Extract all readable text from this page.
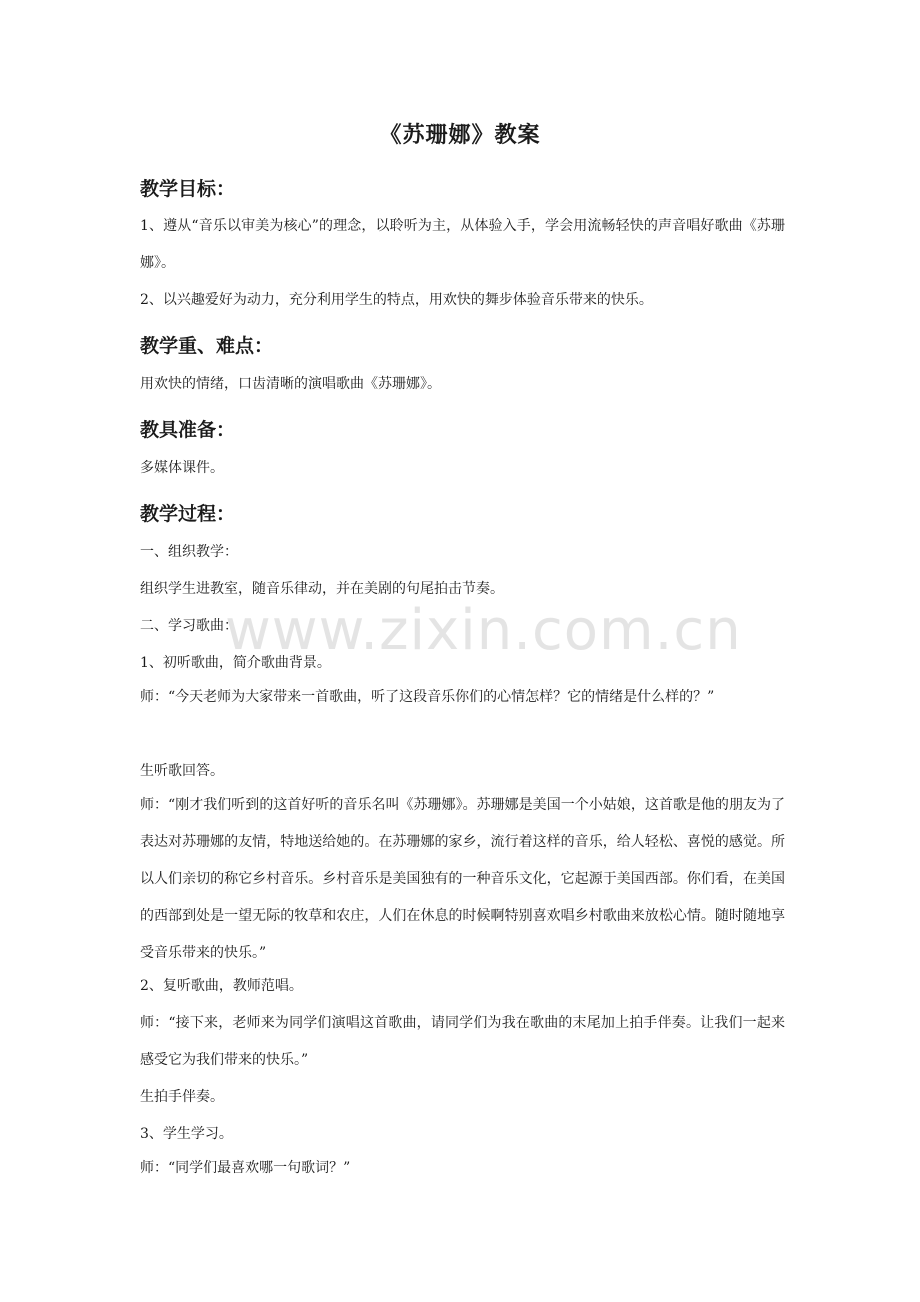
《苏珊娜》教案
教学目标：
1、遵从“音乐以审美为核心”的理念，以聆听为主，从体验入手，学会用流畅轻快的声音唱好歌曲《苏珊娜》。
2、以兴趣爱好为动力，充分利用学生的特点，用欢快的舞步体验音乐带来的快乐。
教学重、难点：
用欢快的情绪，口齿清晰的演唱歌曲《苏珊娜》。
教具准备：
多媒体课件。
教学过程：
一、组织教学：
组织学生进教室，随音乐律动，并在美剧的句尾拍击节奏。
二、学习歌曲：
1、初听歌曲，简介歌曲背景。
师：“今天老师为大家带来一首歌曲，听了这段音乐你们的心情怎样？它的情绪是什么样的？”
生听歌回答。
师：“刚才我们听到的这首好听的音乐名叫《苏珊娜》。苏珊娜是美国一个小姑娘，这首歌是他的朋友为了表达对苏珊娜的友情，特地送给她的。在苏珊娜的家乡，流行着这样的音乐，给人轻松、喜悦的感觉。所以人们亲切的称它乡村音乐。乡村音乐是美国独有的一种音乐文化，它起源于美国西部。你们看，在美国的西部到处是一望无际的牧草和农庄，人们在休息的时候啊特别喜欢唱乡村歌曲来放松心情。随时随地享受音乐带来的快乐。”
2、复听歌曲，教师范唱。
师：“接下来，老师来为同学们演唱这首歌曲，请同学们为我在歌曲的末尾加上拍手伴奏。让我们一起来感受它为我们带来的快乐。”
生拍手伴奏。
3、学生学习。
师：“同学们最喜欢哪一句歌词？”
www.zixin.com.cn
